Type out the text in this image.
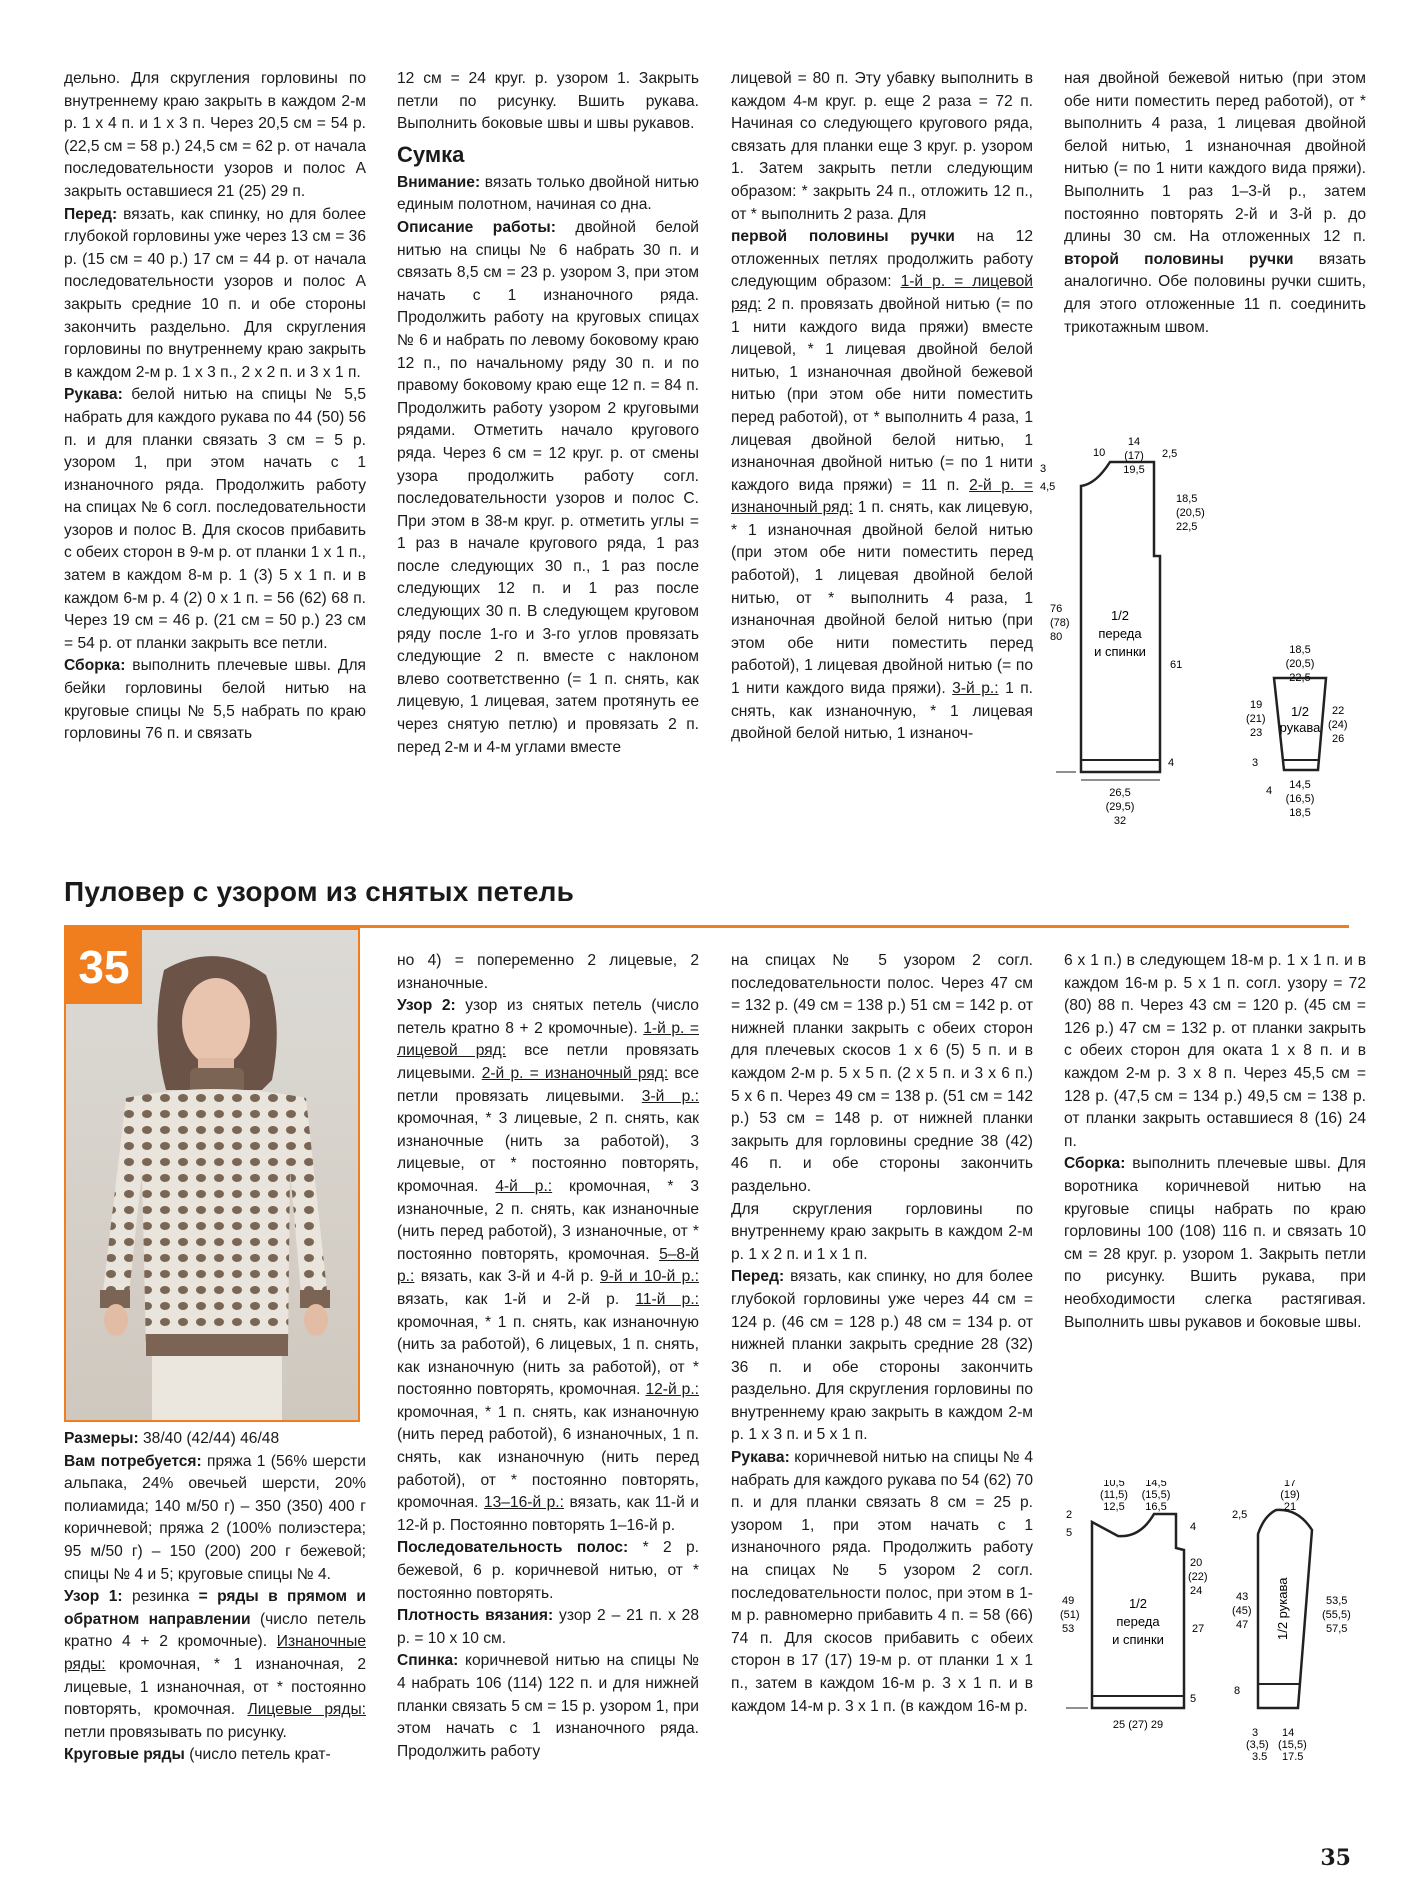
дельно. Для скругления горловины по внутреннему краю закрыть в каждом 2-м р. 1 х 4 п. и 1 х 3 п. Через 20,5 см = 54 р. (22,5 см = 58 р.) 24,5 см = 62 р. от начала последовательности узоров и полос А закрыть оставшиеся 21 (25) 29 п.

Перед: вязать, как спинку, но для более глубокой горловины уже через 13 см = 36 р. (15 см = 40 р.) 17 см = 44 р. от начала последовательности узоров и полос А закрыть средние 10 п. и обе стороны закончить раздельно. Для скругления горловины по внутреннему краю закрыть в каждом 2-м р. 1 х 3 п., 2 х 2 п. и 3 х 1 п.

Рукава: белой нитью на спицы № 5,5 набрать для каждого рукава по 44 (50) 56 п. и для планки связать 3 см = 5 р. узором 1, при этом начать с 1 изнаночного ряда. Продолжить работу на спицах № 6 согл. последовательности узоров и полос В. Для скосов прибавить с обеих сторон в 9-м р. от планки 1 х 1 п., затем в каждом 8-м р. 1 (3) 5 х 1 п. и в каждом 6-м р. 4 (2) 0 х 1 п. = 56 (62) 68 п. Через 19 см = 46 р. (21 см = 50 р.) 23 см = 54 р. от планки закрыть все петли.

Сборка: выполнить плечевые швы. Для бейки горловины белой нитью на круговые спицы № 5,5 набрать по краю горловины 76 п. и связать

12 см = 24 круг. р. узором 1. Закрыть петли по рисунку. Вшить рукава. Выполнить боковые швы и швы рукавов.

Сумка

Внимание: вязать только двойной нитью единым полотном, начиная со дна.

Описание работы: двойной белой нитью на спицы № 6 набрать 30 п. и связать 8,5 см = 23 р. узором 3, при этом начать с 1 изнаночного ряда. Продолжить работу на круговых спицах № 6 и набрать по левому боковому краю 12 п., по начальному ряду 30 п. и по правому боковому краю еще 12 п. = 84 п. Продолжить работу узором 2 круговыми рядами. Отметить начало кругового ряда. Через 6 см = 12 круг. р. от смены узора продолжить работу согл. последовательности узоров и полос С. При этом в 38-м круг. р. отметить углы = 1 раз в начале кругового ряда, 1 раз после следующих 30 п., 1 раз после следующих 12 п. и 1 раз после следующих 30 п. В следующем круговом ряду после 1-го и 3-го углов провязать следующие 2 п. вместе с наклоном влево соответственно (= 1 п. снять, как лицевую, 1 лицевая, затем протянуть ее через снятую петлю) и провязать 2 п. перед 2-м и 4-м углами вместе

лицевой = 80 п. Эту убавку выполнить в каждом 4-м круг. р. еще 2 раза = 72 п. Начиная со следующего кругового ряда, связать для планки еще 3 круг. р. узором 1. Затем закрыть петли следующим образом: * закрыть 24 п., отложить 12 п., от * выполнить 2 раза. Для

первой половины ручки на 12 отложенных петлях продолжить работу следующим образом: 1-й р. = лицевой ряд: 2 п. провязать двойной нитью (= по 1 нити каждого вида пряжи) вместе лицевой, * 1 лицевая двойной белой нитью, 1 изнаночная двойной бежевой нитью (при этом обе нити поместить перед работой), от * выполнить 4 раза, 1 лицевая двойной белой нитью, 1 изнаночная двойной нитью (= по 1 нити каждого вида пряжи) = 11 п. 2-й р. = изнаночный ряд: 1 п. снять, как лицевую, * 1 изнаночная двойной белой нитью (при этом обе нити поместить перед работой), 1 лицевая двойной белой нитью, от * выполнить 4 раза, 1 изнаночная двойной белой нитью (при этом обе нити поместить перед работой), 1 лицевая двойной нитью (= по 1 нити каждого вида пряжи). 3-й р.: 1 п. снять, как изнаночную, * 1 лицевая двойной белой нитью, 1 изнаноч-

ная двойной бежевой нитью (при этом обе нити поместить перед работой), от * выполнить 4 раза, 1 лицевая двойной белой нитью, 1 изнаночная двойной нитью (= по 1 нити каждого вида пряжи). Выполнить 1 раз 1–3-й р., затем постоянно повторять 2-й и 3-й р. до длины 30 см. На отложенных 12 п. второй половины ручки вязать аналогично. Обе половины ручки сшить, для этого отложенные 11 п. соединить трикотажным швом.

1/2
переда
и спинки
10
14
(17)
19,5
2,5
3
4,5
18,5
(20,5)
22,5
76
(78)
80
61
4
26,5
(29,5)
32
1/2
рукава
18,5
(20,5)
22,5
19
(21)
23
22
(24)
26
3
4 14,5
(16,5)
18,5
Пуловер с узором из снятых петель
35

Размеры: 38/40 (42/44) 46/48

Вам потребуется: пряжа 1 (56% шерсти альпака, 24% овечьей шерсти, 20% полиамида; 140 м/50 г) – 350 (350) 400 г коричневой; пряжа 2 (100% полиэстера; 95 м/50 г) – 150 (200) 200 г бежевой; спицы № 4 и 5; круговые спицы № 4.

Узор 1: резинка = ряды в прямом и обратном направлении (число петель кратно 4 + 2 кромочные). Изнаночные ряды: кромочная, * 1 изнаночная, 2 лицевые, 1 изнаночная, от * постоянно повторять, кромочная. Лицевые ряды: петли провязывать по рисунку.

Круговые ряды (число петель крат-

но 4) = попеременно 2 лицевые, 2 изнаночные.

Узор 2: узор из снятых петель (число петель кратно 8 + 2 кромочные). 1-й р. = лицевой ряд: все петли провязать лицевыми. 2-й р. = изнаночный ряд: все петли провязать лицевыми. 3-й р.: кромочная, * 3 лицевые, 2 п. снять, как изнаночные (нить за работой), 3 лицевые, от * постоянно повторять, кромочная. 4-й р.: кромочная, * 3 изнаночные, 2 п. снять, как изнаночные (нить перед работой), 3 изнаночные, от * постоянно повторять, кромочная. 5–8-й р.: вязать, как 3-й и 4-й р. 9-й и 10-й р.: вязать, как 1-й и 2-й р. 11-й р.: кромочная, * 1 п. снять, как изнаночную (нить за работой), 6 лицевых, 1 п. снять, как изнаночную (нить за работой), от * постоянно повторять, кромочная. 12-й р.: кромочная, * 1 п. снять, как изнаночную (нить перед работой), 6 изнаночных, 1 п. снять, как изнаночную (нить перед работой), от * постоянно повторять, кромочная. 13–16-й р.: вязать, как 11-й и 12-й р. Постоянно повторять 1–16-й р.

Последовательность полос: * 2 р. бежевой, 6 р. коричневой нитью, от * постоянно повторять.

Плотность вязания: узор 2 – 21 п. х 28 р. = 10 х 10 см.

Спинка: коричневой нитью на спицы № 4 набрать 106 (114) 122 п. и для нижней планки связать 5 см = 15 р. узором 1, при этом начать с 1 изнаночного ряда. Продолжить работу

на спицах № 5 узором 2 согл. последовательности полос. Через 47 см = 132 р. (49 см = 138 р.) 51 см = 142 р. от нижней планки закрыть с обеих сторон для плечевых скосов 1 х 6 (5) 5 п. и в каждом 2-м р. 5 х 5 п. (2 х 5 п. и 3 х 6 п.) 5 х 6 п. Через 49 см = 138 р. (51 см = 142 р.) 53 см = 148 р. от нижней планки закрыть для горловины средние 38 (42) 46 п. и обе стороны закончить раздельно.

Для скругления горловины по внутреннему краю закрыть в каждом 2-м р. 1 х 2 п. и 1 х 1 п.

Перед: вязать, как спинку, но для более глубокой горловины уже через 44 см = 124 р. (46 см = 128 р.) 48 см = 134 р. от нижней планки закрыть средние 28 (32) 36 п. и обе стороны закончить раздельно. Для скругления горловины по внутреннему краю закрыть в каждом 2-м р. 1 х 3 п. и 5 х 1 п.

Рукава: коричневой нитью на спицы № 4 набрать для каждого рукава по 54 (62) 70 п. и для планки связать 8 см = 25 р. узором 1, при этом начать с 1 изнаночного ряда. Продолжить работу на спицах № 5 узором 2 согл. последовательности полос, при этом в 1-м р. равномерно прибавить 4 п. = 58 (66) 74 п. Для скосов прибавить с обеих сторон в 17 (17) 19-м р. от планки 1 х 1 п., затем в каждом 16-м р. 3 х 1 п. и в каждом 14-м р. 3 х 1 п. (в каждом 16-м р.

6 х 1 п.) в следующем 18-м р. 1 х 1 п. и в каждом 16-м р. 5 х 1 п. согл. узору = 72 (80) 88 п. Через 43 см = 120 р. (45 см = 126 р.) 47 см = 132 р. от планки закрыть с обеих сторон для оката 1 х 8 п. и в каждом 2-м р. 3 х 8 п. Через 45,5 см = 128 р. (47,5 см = 134 р.) 49,5 см = 138 р. от планки закрыть оставшиеся 8 (16) 24 п.

Сборка: выполнить плечевые швы. Для воротника коричневой нитью на круговые спицы набрать по краю горловины 100 (108) 116 п. и связать 10 см = 28 круг. р. узором 1. Закрыть петли по рисунку. Вшить рукава, при необходимости слегка растягивая. Выполнить швы рукавов и боковые швы.

1/2
переда
и спинки
10,5
(11,5)
12,5
14,5
(15,5)
16,5
2
5	4
20
(22)
24
49
(51)
53	27
5
25 (27) 29
1/2 рукава
17
(19)
21
2,5
43
(45)
47
53,5
(55,5)
57,5
8
3
(3,5)
3,5
14
(15,5)
17,5
35
